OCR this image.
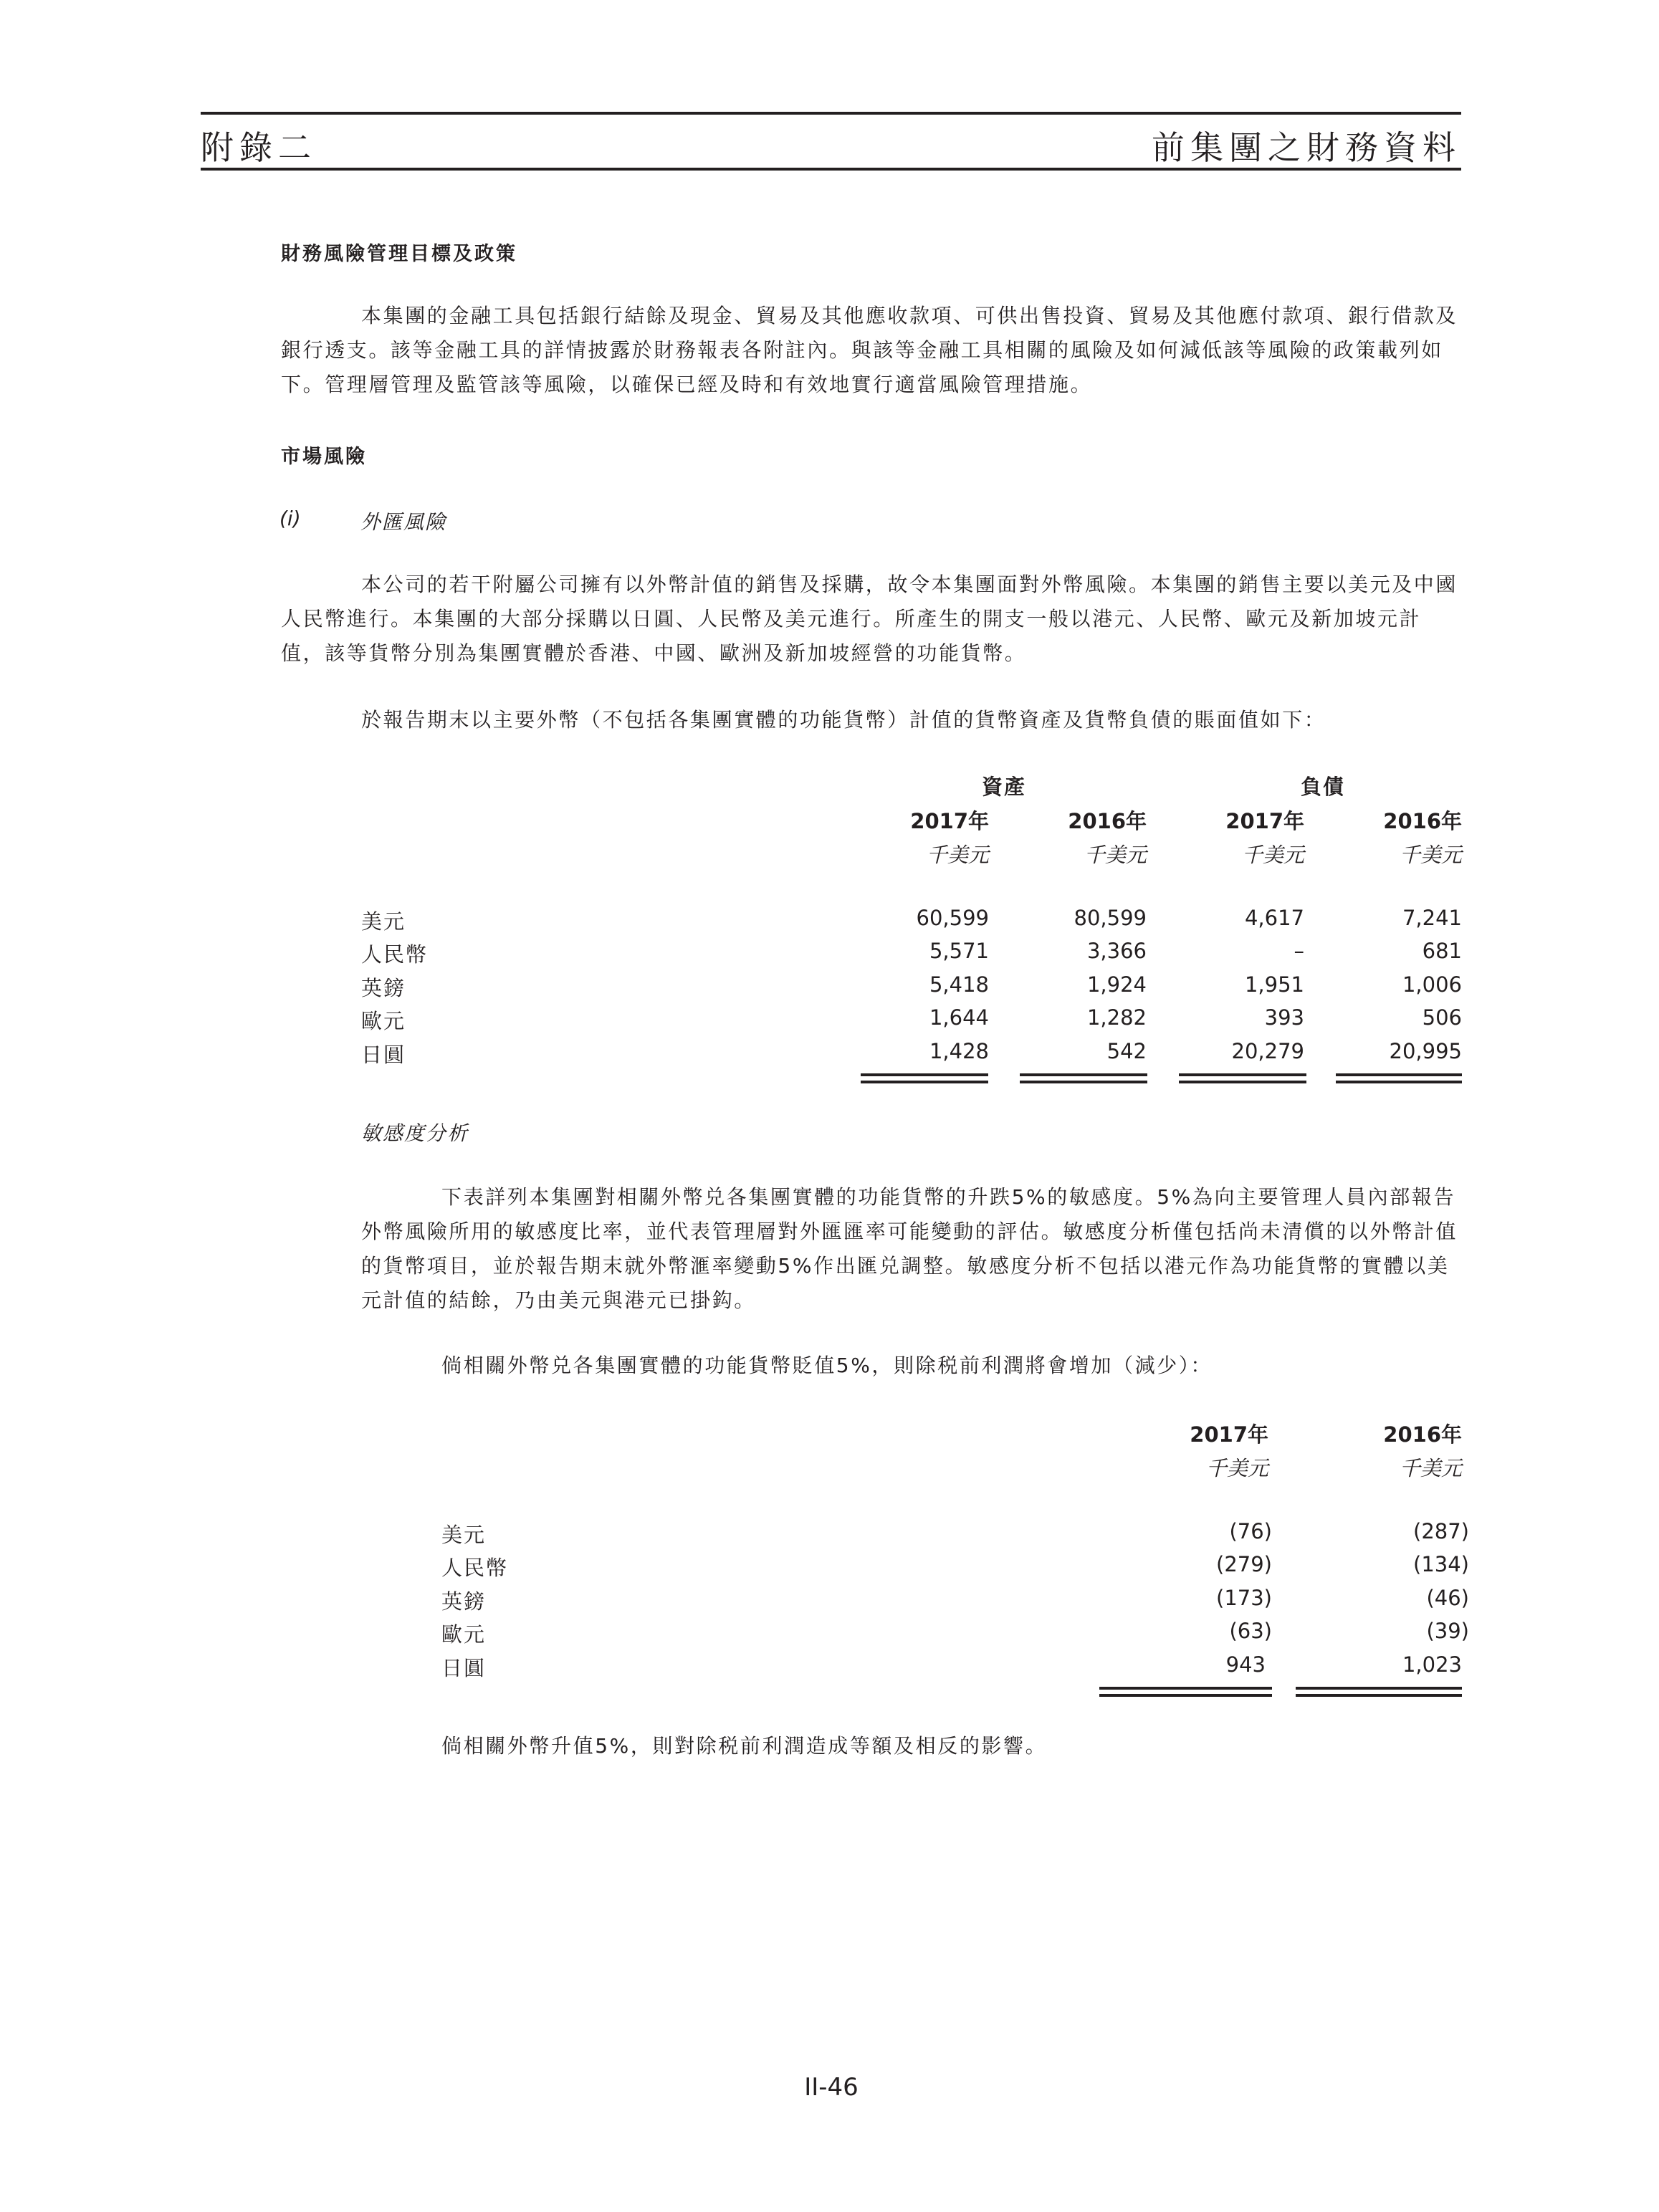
附錄二	前集團之財務資料
財務風險管理目標及政策
本集團的金融工具包括銀行結餘及現金、貿易及其他應收款項、可供出售投資、貿易及其他應付款項、銀行借款及銀行透支。該等金融工具的詳情披露於財務報表各附註內。與該等金融工具相關的風險及如何減低該等風險的政策載列如下。管理層管理及監管該等風險，以確保已經及時和有效地實行適當風險管理措施。
市場風險
(i)	外匯風險
本公司的若干附屬公司擁有以外幣計值的銷售及採購，故令本集團面對外幣風險。本集團的銷售主要以美元及中國人民幣進行。本集團的大部分採購以日圓、人民幣及美元進行。所產生的開支一般以港元、人民幣、歐元及新加坡元計值，該等貨幣分別為集團實體於香港、中國、歐洲及新加坡經營的功能貨幣。
於報告期末以主要外幣（不包括各集團實體的功能貨幣）計值的貨幣資產及貨幣負債的賬面值如下：
資產	負債
2017年	2016年	2017年	2016年
千美元	千美元	千美元	千美元
美元	60,599	80,599	4,617	7,241
人民幣	5,571	3,366	–	681
英鎊	5,418	1,924	1,951	1,006
歐元	1,644	1,282	393	506
日圓	1,428	542	20,279	20,995
敏感度分析
下表詳列本集團對相關外幣兑各集團實體的功能貨幣的升跌5%的敏感度。5%為向主要管理人員內部報告外幣風險所用的敏感度比率，並代表管理層對外匯匯率可能變動的評估。敏感度分析僅包括尚未清償的以外幣計值的貨幣項目，並於報告期末就外幣滙率變動5%作出匯兑調整。敏感度分析不包括以港元作為功能貨幣的實體以美元計值的結餘，乃由美元與港元已掛鈎。
倘相關外幣兑各集團實體的功能貨幣貶值5%，則除税前利潤將會增加（減少）：
2017年	2016年
千美元	千美元
美元	(76)	(287)
人民幣	(279)	(134)
英鎊	(173)	(46)
歐元	(63)	(39)
日圓	943	1,023
倘相關外幣升值5%，則對除税前利潤造成等額及相反的影響。
II-46
